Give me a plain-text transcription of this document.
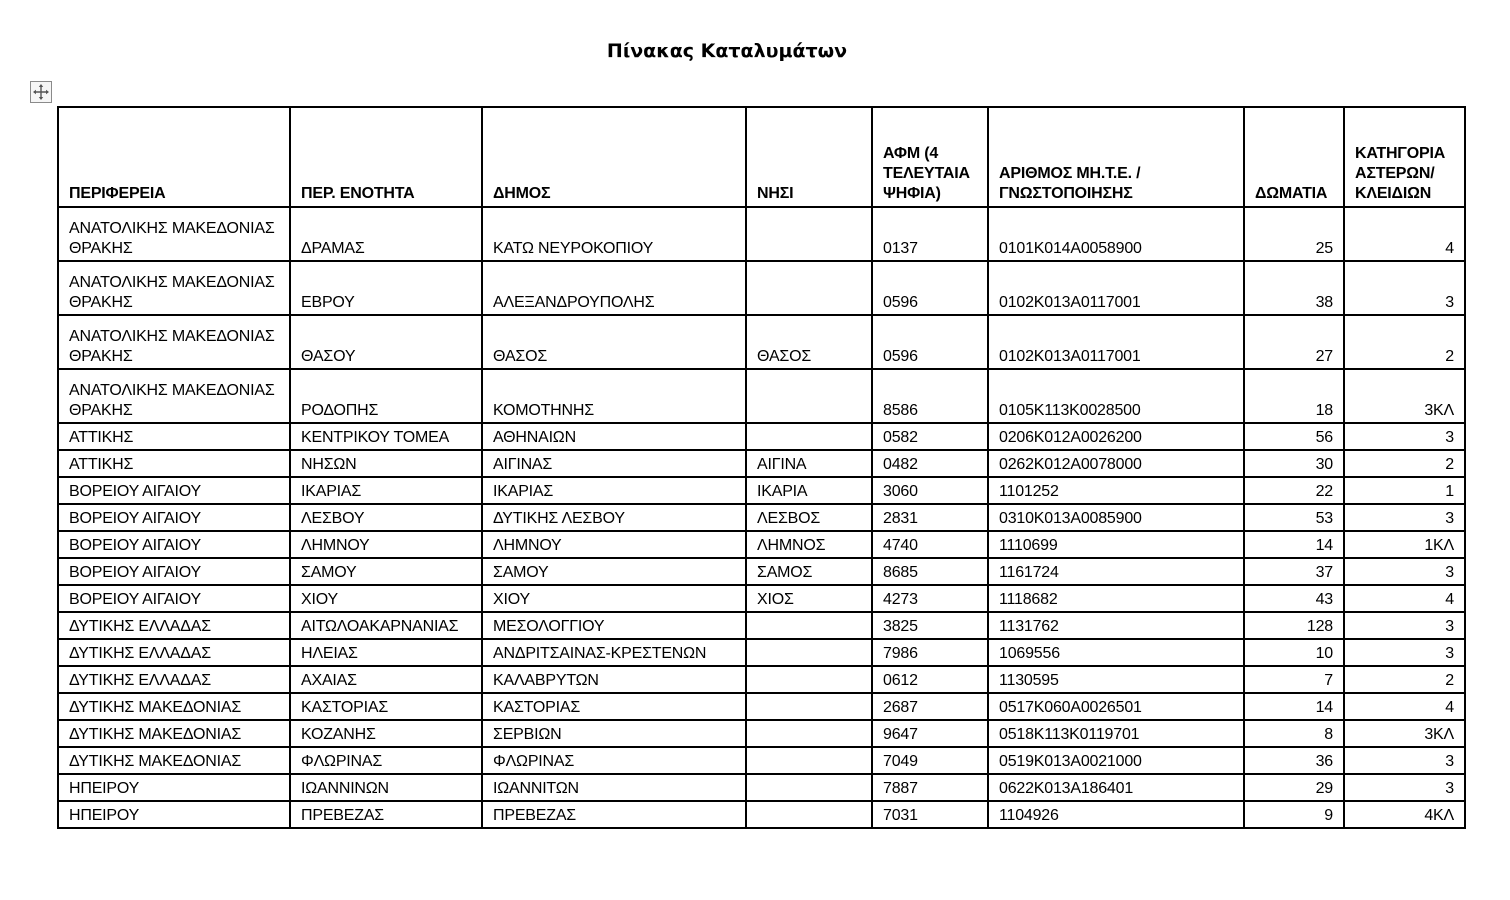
Πίνακας Καταλυμάτων
ΠΕΡΙΦΕΡΕΙΑ	ΠΕΡ. ΕΝΟΤΗΤΑ	ΔΗΜΟΣ	ΝΗΣΙ	ΑΦΜ (4 ΤΕΛΕΥΤΑΙΑ ΨΗΦΙΑ)	ΑΡΙΘΜΟΣ ΜΗ.Τ.Ε. / ΓΝΩΣΤΟΠΟΙΗΣΗΣ	ΔΩΜΑΤΙΑ	ΚΑΤΗΓΟΡΙΑ ΑΣΤΕΡΩΝ/ ΚΛΕΙΔΙΩΝ
ΑΝΑΤΟΛΙΚΗΣ ΜΑΚΕΔΟΝΙΑΣ ΘΡΑΚΗΣ	ΔΡΑΜΑΣ	ΚΑΤΩ ΝΕΥΡΟΚΟΠΙΟΥ		0137	0101K014A0058900	25	4
ΑΝΑΤΟΛΙΚΗΣ ΜΑΚΕΔΟΝΙΑΣ ΘΡΑΚΗΣ	ΕΒΡΟΥ	ΑΛΕΞΑΝΔΡΟΥΠΟΛΗΣ		0596	0102K013A0117001	38	3
ΑΝΑΤΟΛΙΚΗΣ ΜΑΚΕΔΟΝΙΑΣ ΘΡΑΚΗΣ	ΘΑΣΟΥ	ΘΑΣΟΣ	ΘΑΣΟΣ	0596	0102K013A0117001	27	2
ΑΝΑΤΟΛΙΚΗΣ ΜΑΚΕΔΟΝΙΑΣ ΘΡΑΚΗΣ	ΡΟΔΟΠΗΣ	ΚΟΜΟΤΗΝΗΣ		8586	0105K113K0028500	18	3ΚΛ
ΑΤΤΙΚΗΣ	ΚΕΝΤΡΙΚΟΥ ΤΟΜΕΑ	ΑΘΗΝΑΙΩΝ		0582	0206K012A0026200	56	3
ΑΤΤΙΚΗΣ	ΝΗΣΩΝ	ΑΙΓΙΝΑΣ	ΑΙΓΙΝΑ	0482	0262K012A0078000	30	2
ΒΟΡΕΙΟΥ ΑΙΓΑΙΟΥ	ΙΚΑΡΙΑΣ	ΙΚΑΡΙΑΣ	ΙΚΑΡΙΑ	3060	1101252	22	1
ΒΟΡΕΙΟΥ ΑΙΓΑΙΟΥ	ΛΕΣΒΟΥ	ΔΥΤΙΚΗΣ ΛΕΣΒΟΥ	ΛΕΣΒΟΣ	2831	0310K013A0085900	53	3
ΒΟΡΕΙΟΥ ΑΙΓΑΙΟΥ	ΛΗΜΝΟΥ	ΛΗΜΝΟΥ	ΛΗΜΝΟΣ	4740	1110699	14	1ΚΛ
ΒΟΡΕΙΟΥ ΑΙΓΑΙΟΥ	ΣΑΜΟΥ	ΣΑΜΟΥ	ΣΑΜΟΣ	8685	1161724	37	3
ΒΟΡΕΙΟΥ ΑΙΓΑΙΟΥ	ΧΙΟΥ	ΧΙΟΥ	ΧΙΟΣ	4273	1118682	43	4
ΔΥΤΙΚΗΣ ΕΛΛΑΔΑΣ	ΑΙΤΩΛΟΑΚΑΡΝΑΝΙΑΣ	ΜΕΣΟΛΟΓΓΙΟΥ		3825	1131762	128	3
ΔΥΤΙΚΗΣ ΕΛΛΑΔΑΣ	ΗΛΕΙΑΣ	ΑΝΔΡΙΤΣΑΙΝΑΣ-ΚΡΕΣΤΕΝΩΝ		7986	1069556	10	3
ΔΥΤΙΚΗΣ ΕΛΛΑΔΑΣ	ΑΧΑΙΑΣ	ΚΑΛΑΒΡΥΤΩΝ		0612	1130595	7	2
ΔΥΤΙΚΗΣ ΜΑΚΕΔΟΝΙΑΣ	ΚΑΣΤΟΡΙΑΣ	ΚΑΣΤΟΡΙΑΣ		2687	0517K060A0026501	14	4
ΔΥΤΙΚΗΣ ΜΑΚΕΔΟΝΙΑΣ	ΚΟΖΑΝΗΣ	ΣΕΡΒΙΩΝ		9647	0518K113K0119701	8	3ΚΛ
ΔΥΤΙΚΗΣ ΜΑΚΕΔΟΝΙΑΣ	ΦΛΩΡΙΝΑΣ	ΦΛΩΡΙΝΑΣ		7049	0519K013A0021000	36	3
ΗΠΕΙΡΟΥ	ΙΩΑΝΝΙΝΩΝ	ΙΩΑΝΝΙΤΩΝ		7887	0622K013A186401	29	3
ΗΠΕΙΡΟΥ	ΠΡΕΒΕΖΑΣ	ΠΡΕΒΕΖΑΣ		7031	1104926	9	4ΚΛ
